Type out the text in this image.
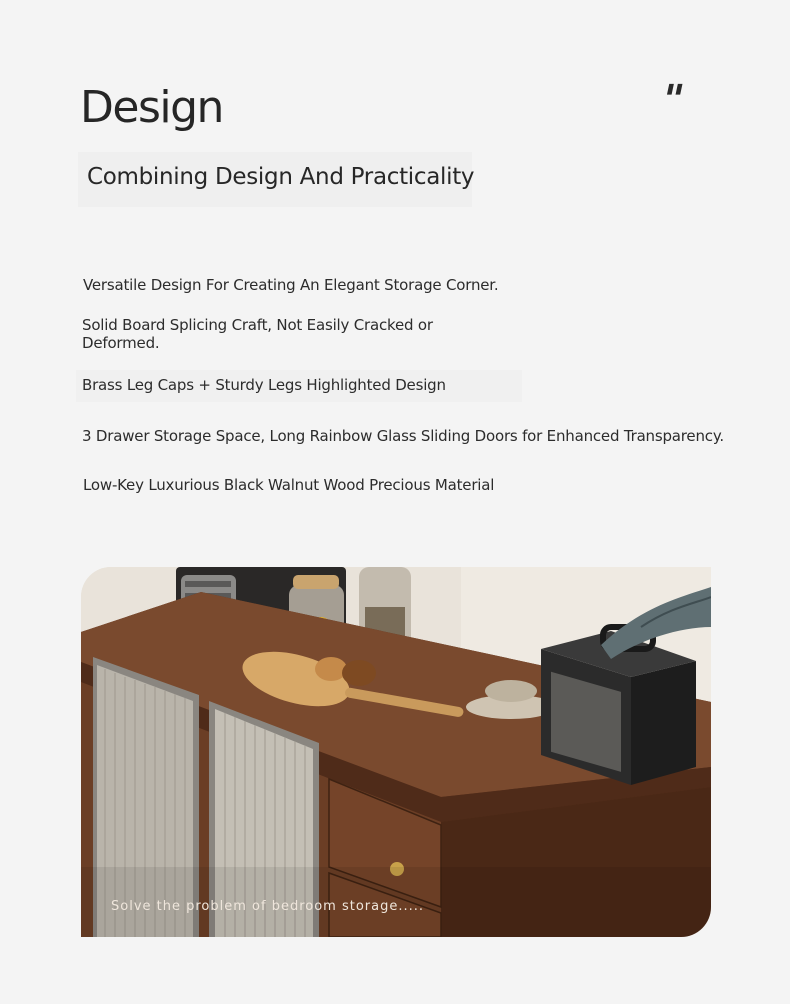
Design	"
Combining Design And Practicality
Versatile Design For Creating An Elegant Storage Corner.
Solid Board Splicing Craft, Not Easily Cracked or Deformed.
Brass Leg Caps + Sturdy Legs Highlighted Design
3 Drawer Storage Space, Long Rainbow Glass Sliding Doors for Enhanced Transparency.
Low-Key Luxurious Black Walnut Wood Precious Material
Solve the problem of bedroom storage.....
